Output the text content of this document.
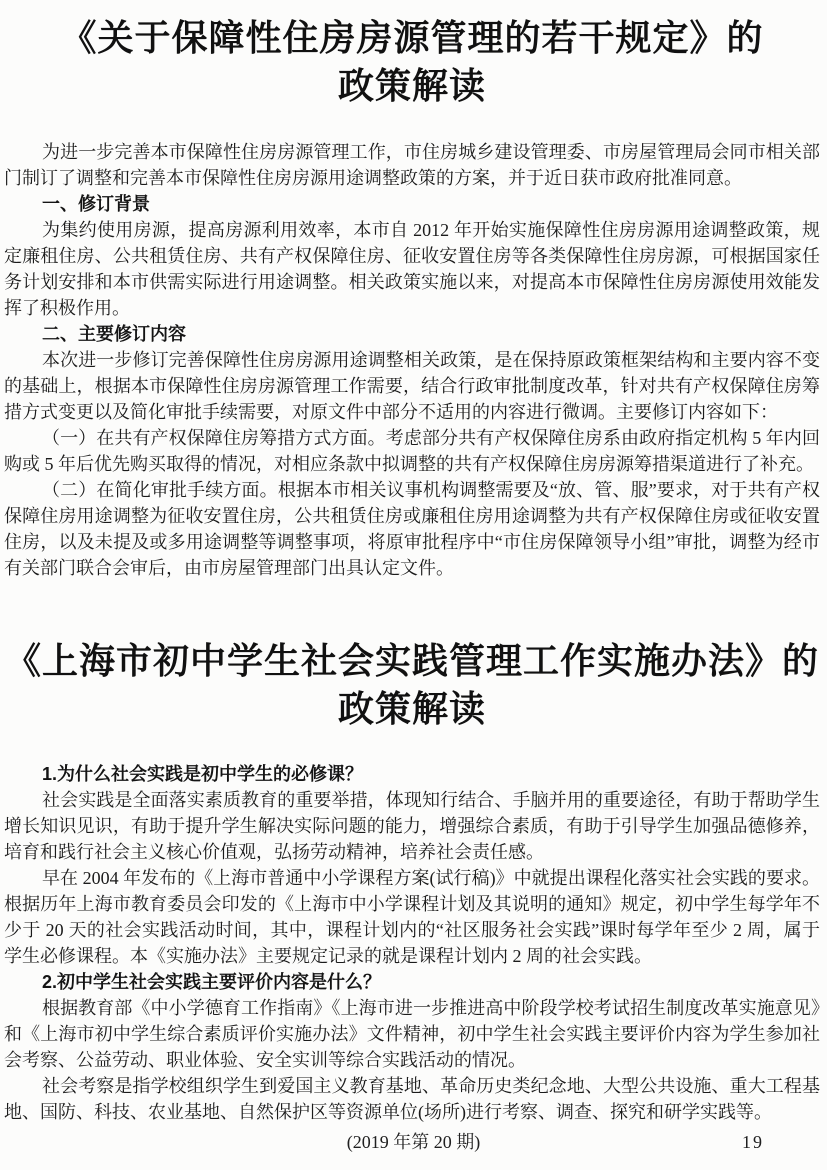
《关于保障性住房房源管理的若干规定》的
政策解读

为进一步完善本市保障性住房房源管理工作，市住房城乡建设管理委、市房屋管理局会同市相关部门制订了调整和完善本市保障性住房房源用途调整政策的方案，并于近日获市政府批准同意。

一、修订背景

为集约使用房源，提高房源利用效率，本市自 2012 年开始实施保障性住房房源用途调整政策，规定廉租住房、公共租赁住房、共有产权保障住房、征收安置住房等各类保障性住房房源，可根据国家任务计划安排和本市供需实际进行用途调整。相关政策实施以来，对提高本市保障性住房房源使用效能发挥了积极作用。

二、主要修订内容

本次进一步修订完善保障性住房房源用途调整相关政策，是在保持原政策框架结构和主要内容不变的基础上，根据本市保障性住房房源管理工作需要，结合行政审批制度改革，针对共有产权保障住房筹措方式变更以及简化审批手续需要，对原文件中部分不适用的内容进行微调。主要修订内容如下：

（一）在共有产权保障住房筹措方式方面。考虑部分共有产权保障住房系由政府指定机构 5 年内回购或 5 年后优先购买取得的情况，对相应条款中拟调整的共有产权保障住房房源筹措渠道进行了补充。

（二）在简化审批手续方面。根据本市相关议事机构调整需要及“放、管、服”要求，对于共有产权保障住房用途调整为征收安置住房，公共租赁住房或廉租住房用途调整为共有产权保障住房或征收安置住房，以及未提及或多用途调整等调整事项，将原审批程序中“市住房保障领导小组”审批，调整为经市有关部门联合会审后，由市房屋管理部门出具认定文件。

《上海市初中学生社会实践管理工作实施办法》的
政策解读

1.为什么社会实践是初中学生的必修课？

社会实践是全面落实素质教育的重要举措，体现知行结合、手脑并用的重要途径，有助于帮助学生增长知识见识，有助于提升学生解决实际问题的能力，增强综合素质，有助于引导学生加强品德修养，培育和践行社会主义核心价值观，弘扬劳动精神，培养社会责任感。

早在 2004 年发布的《上海市普通中小学课程方案(试行稿)》中就提出课程化落实社会实践的要求。根据历年上海市教育委员会印发的《上海市中小学课程计划及其说明的通知》规定，初中学生每学年不少于 20 天的社会实践活动时间，其中，课程计划内的“社区服务社会实践”课时每学年至少 2 周，属于学生必修课程。本《实施办法》主要规定记录的就是课程计划内 2 周的社会实践。

2.初中学生社会实践主要评价内容是什么？

根据教育部《中小学德育工作指南》《上海市进一步推进高中阶段学校考试招生制度改革实施意见》和《上海市初中学生综合素质评价实施办法》文件精神，初中学生社会实践主要评价内容为学生参加社会考察、公益劳动、职业体验、安全实训等综合实践活动的情况。

社会考察是指学校组织学生到爱国主义教育基地、革命历史类纪念地、大型公共设施、重大工程基地、国防、科技、农业基地、自然保护区等资源单位(场所)进行考察、调查、探究和研学实践等。

(2019 年第 20 期)	19
